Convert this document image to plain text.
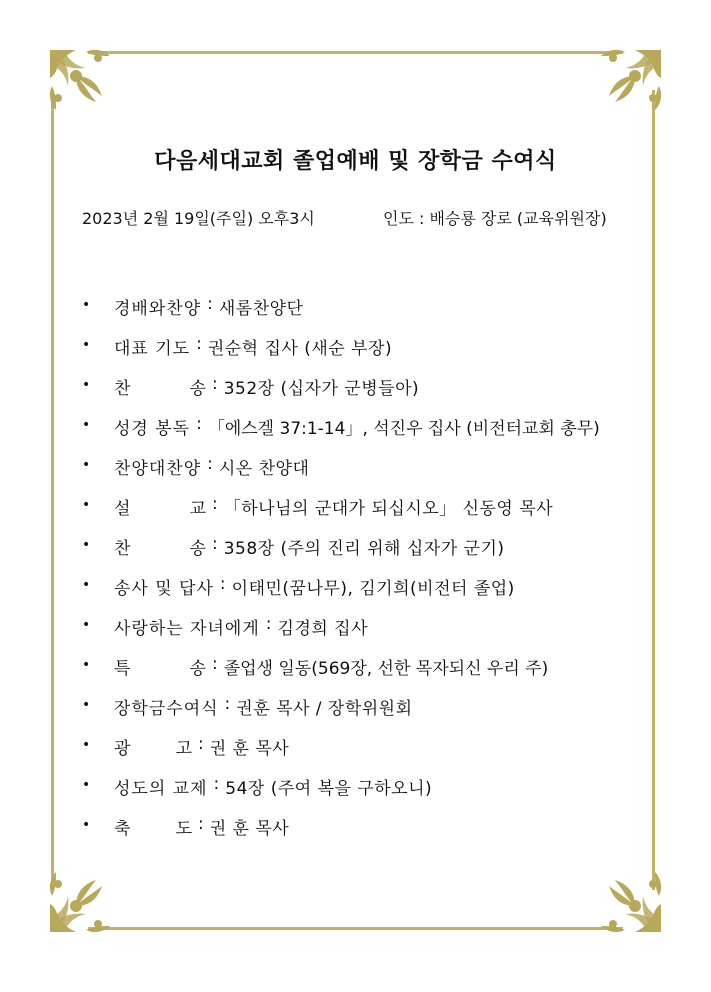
다음세대교회 졸업예배 및 장학금 수여식
2023년 2월 19일(주일) 오후3시	인도 : 배승룡 장로 (교육위원장)
•	경배와찬양 : 새롬찬양단
•	대표 기도 : 권순혁 집사 (새순 부장)
•	찬	송 : 352장 (십자가 군병들아)
•	성경 봉독 : 「에스겔 37:1-14」, 석진우 집사 (비전터교회 총무)
•	찬양대찬양 : 시온 찬양대
•	설	교 : 「하나님의 군대가 되십시오」 신동영 목사
•	찬	송 : 358장 (주의 진리 위해 십자가 군기)
•	송사 및 답사 : 이태민(꿈나무), 김기희(비전터 졸업)
•	사랑하는 자녀에게 : 김경희 집사
•	특	송 : 졸업생 일동(569장, 선한 목자되신 우리 주)
•	장학금수여식 : 권훈 목사 / 장학위원회
•	광	고 : 권 훈 목사
•	성도의 교제 : 54장 (주여 복을 구하오니)
•	축	도 : 권 훈 목사
